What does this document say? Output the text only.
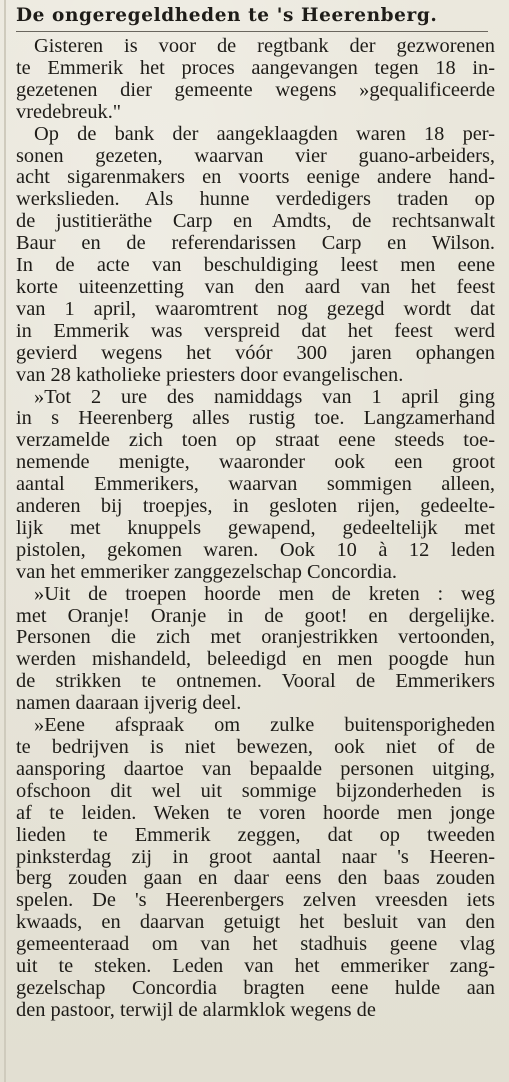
De ongeregeldheden te 's Heerenberg.
Gisteren is voor de regtbank der gezworenen
te Emmerik het proces aangevangen tegen 18 in-
gezetenen dier gemeente wegens »gequalificeerde
vredebreuk."
Op de bank der aangeklaagden waren 18 per-
sonen gezeten, waarvan vier guano-arbeiders,
acht sigarenmakers en voorts eenige andere hand-
werkslieden. Als hunne verdedigers traden op
de justitieräthe Carp en Amdts, de rechtsanwalt
Baur en de referendarissen Carp en Wilson.
In de acte van beschuldiging leest men eene
korte uiteenzetting van den aard van het feest
van 1 april, waaromtrent nog gezegd wordt dat
in Emmerik was verspreid dat het feest werd
gevierd wegens het vóór 300 jaren ophangen
van 28 katholieke priesters door evangelischen.
»Tot 2 ure des namiddags van 1 april ging
in s Heerenberg alles rustig toe. Langzamerhand
verzamelde zich toen op straat eene steeds toe-
nemende menigte, waaronder ook een groot
aantal Emmerikers, waarvan sommigen alleen,
anderen bij troepjes, in gesloten rijen, gedeelte-
lijk met knuppels gewapend, gedeeltelijk met
pistolen, gekomen waren. Ook 10 à 12 leden
van het emmeriker zanggezelschap Concordia.
»Uit de troepen hoorde men de kreten : weg
met Oranje! Oranje in de goot! en dergelijke.
Personen die zich met oranjestrikken vertoonden,
werden mishandeld, beleedigd en men poogde hun
de strikken te ontnemen. Vooral de Emmerikers
namen daaraan ijverig deel.
»Eene afspraak om zulke buitensporigheden
te bedrijven is niet bewezen, ook niet of de
aansporing daartoe van bepaalde personen uitging,
ofschoon dit wel uit sommige bijzonderheden is
af te leiden. Weken te voren hoorde men jonge
lieden te Emmerik zeggen, dat op tweeden
pinksterdag zij in groot aantal naar 's Heeren-
berg zouden gaan en daar eens den baas zouden
spelen. De 's Heerenbergers zelven vreesden iets
kwaads, en daarvan getuigt het besluit van den
gemeenteraad om van het stadhuis geene vlag
uit te steken. Leden van het emmeriker zang-
gezelschap Concordia bragten eene hulde aan
den pastoor, terwijl de alarmklok wegens de
